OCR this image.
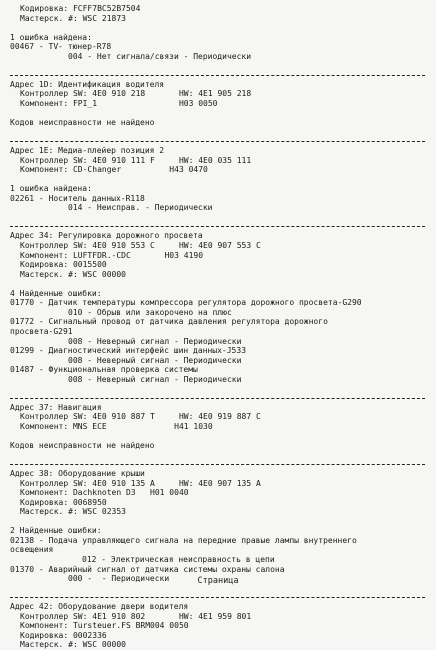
Кодировка: FCFF7BC52B7504
Мастерск. #: WSC 21873
1 ошибка найдена:
00467 - TV- тюнер-R78
004 - Нет сигнала/связи - Периодически
Адрес 1D: Идентификация водителя
Контроллер SW: 4E0 910 218       HW: 4E1 905 218
Компонент: FPI_1                 H03 0050
Кодов неисправности не найдено
Адрес 1E: Медиа-плейер позиция 2
Контроллер SW: 4E0 910 111 F     HW: 4E0 035 111
Компонент: CD-Changer          H43 0470
1 ошибка найдена:
02261 - Носитель данных-R118
014 - Неисправ. - Периодически
Адрес 34: Регулировка дорожного просвета
Контроллер SW: 4E0 910 553 C     HW: 4E0 907 553 C
Компонент: LUFTFDR.-CDC       H03 4190
Кодировка: 0015500
Мастерск. #: WSC 00000
4 Найденные ошибки:
01770 - Датчик температуры компрессора регулятора дорожного просвета-G290
010 - Обрыв или закорочено на плюс
01772 - Сигнальный провод от датчика давления регулятора дорожного
просвета-G291
008 - Неверный сигнал - Периодически
01299 - Диагностический интерфейс шин данных-J533
008 - Неверный сигнал - Периодически
01487 - Функциональная проверка системы
008 - Неверный сигнал - Периодически
Адрес 37: Навигация
Контроллер SW: 4E0 910 887 T     HW: 4E0 919 887 C
Компонент: MNS ECE              H41 1030
Кодов неисправности не найдено
Адрес 38: Оборудование крыши
Контроллер SW: 4E0 910 135 A     HW: 4E0 907 135 A
Компонент: Dachknoten D3   H01 0040
Кодировка: 0068950
Мастерск. #: WSC 02353
2 Найденные ошибки:
02138 - Подача управляющего сигнала на передние правые лампы внутреннего
освещения
012 - Электрическая неисправность в цепи
01370 - Аварийный сигнал от датчика системы охраны салона
000 -  - Периодически
Адрес 42: Оборудование двери водителя
Контроллер SW: 4E1 910 802       HW: 4E1 959 801
Компонент: Tursteuer.FS BRM004 0050
Кодировка: 0002336
Мастерск. #: WSC 00000
Страница
